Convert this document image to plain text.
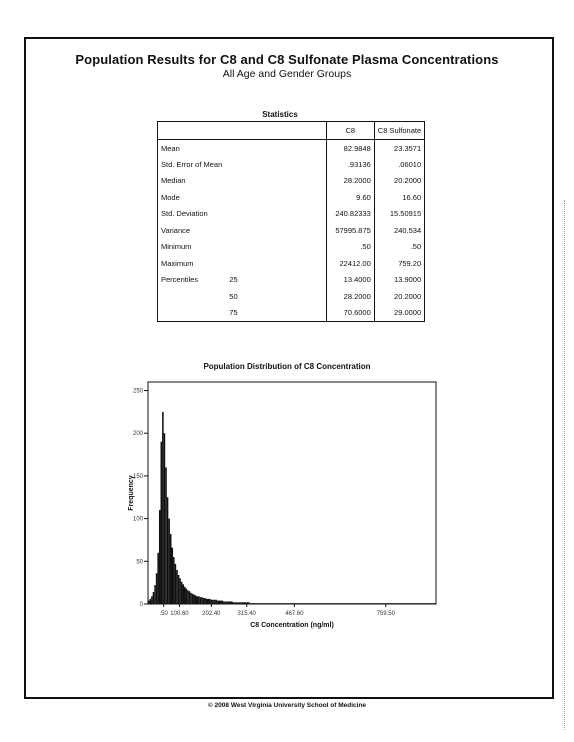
Population Results for C8 and C8 Sulfonate Plasma Concentrations
All Age and Gender Groups
Statistics
		C8	C8 Sulfonate
Mean		82.9848	23.3571
Std. Error of Mean		.93136	.06010
Median		28.2000	20.2000
Mode		9.60	16.60
Std. Deviation		240.82333	15.50915
Variance		57995.875	240.534
Minimum		.50	.50
Maximum		22412.00	759.20
Percentiles	25	13.4000	13.9000
	50	28.2000	20.2000
	75	70.6000	29.0000
Population Distribution of C8 Concentration
0
50
100
150
200
250
.50 100.60 202.40	315.40	467.60	759.50
C8 Concentration (ng/ml)
Frequency
© 2008 West Virginia University School of Medicine
